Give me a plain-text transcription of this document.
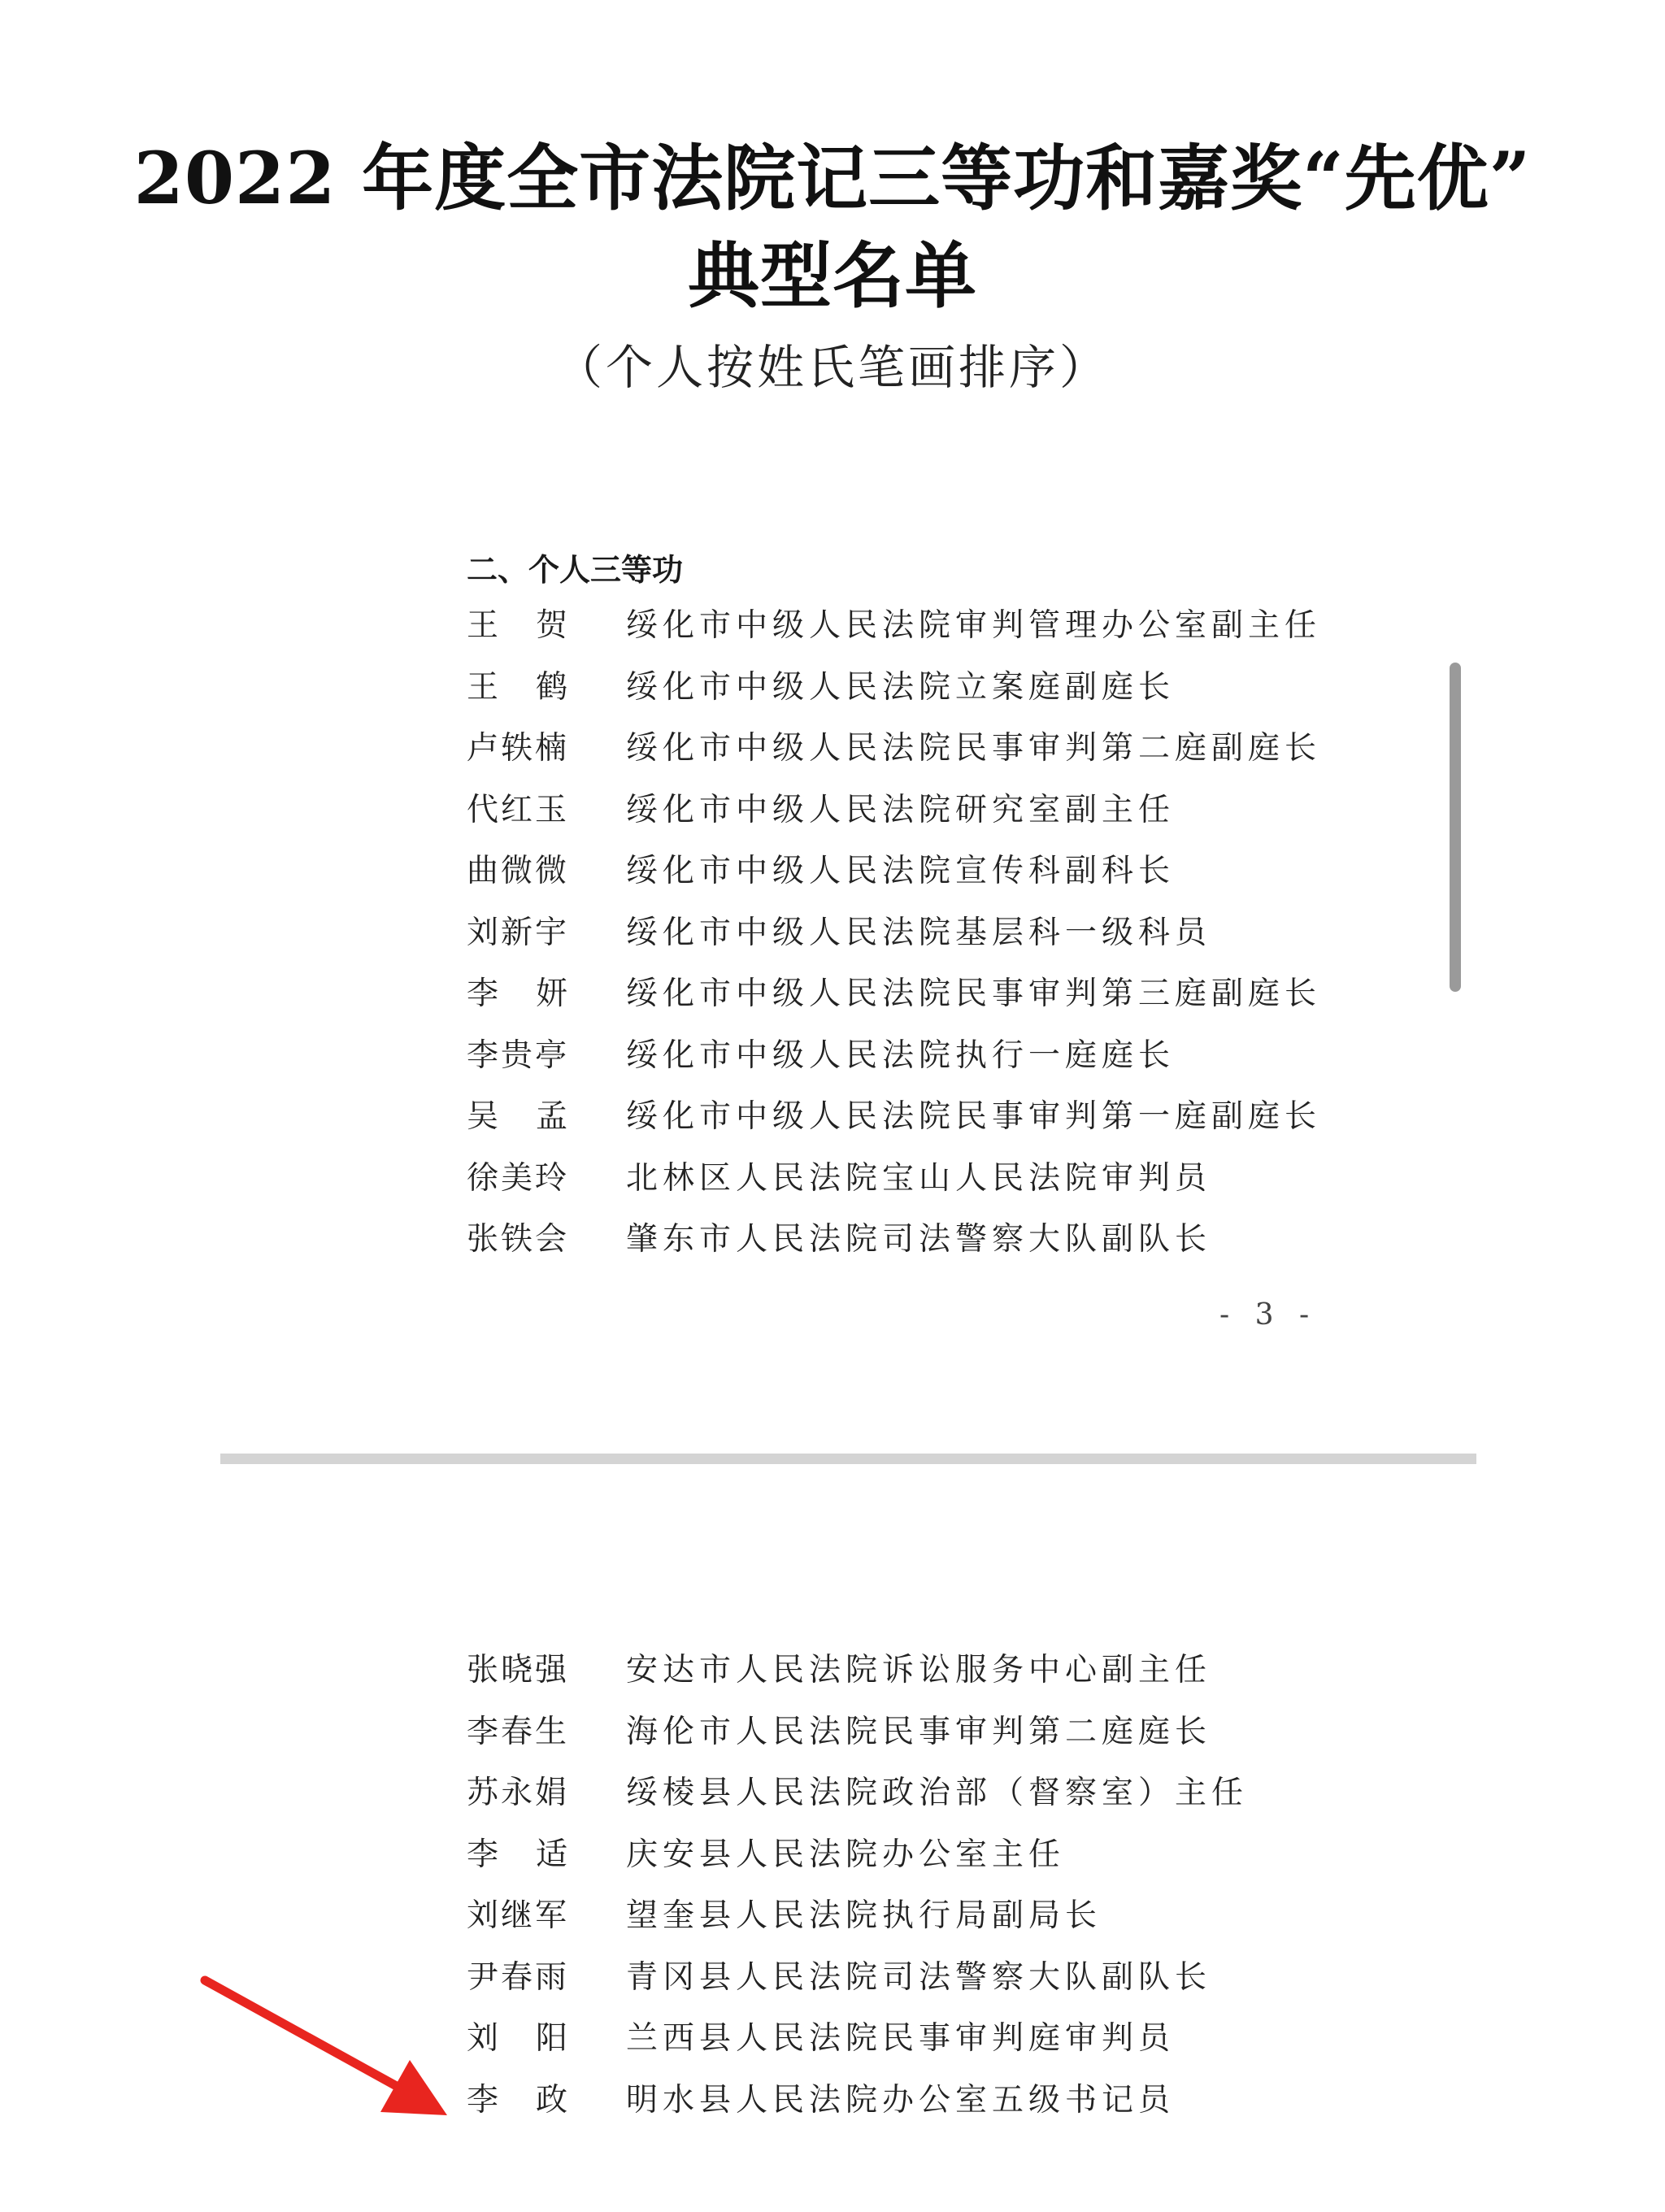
2022 年度全市法院记三等功和嘉奖“先优”
典型名单
（个人按姓氏笔画排序）
二、个人三等功
王贺 绥化市中级人民法院审判管理办公室副主任
王鹤 绥化市中级人民法院立案庭副庭长
卢轶楠	绥化市中级人民法院民事审判第二庭副庭长
代红玉	绥化市中级人民法院研究室副主任
曲微微	绥化市中级人民法院宣传科副科长
刘新宇	绥化市中级人民法院基层科一级科员
李妍 绥化市中级人民法院民事审判第三庭副庭长
李贵亭	绥化市中级人民法院执行一庭庭长
吴孟 绥化市中级人民法院民事审判第一庭副庭长
徐美玲	北林区人民法院宝山人民法院审判员
张铁会	肇东市人民法院司法警察大队副队长
- 3 -
张晓强	安达市人民法院诉讼服务中心副主任
李春生	海伦市人民法院民事审判第二庭庭长
苏永娟	绥棱县人民法院政治部（督察室）主任
李适 庆安县人民法院办公室主任
刘继军	望奎县人民法院执行局副局长
尹春雨	青冈县人民法院司法警察大队副队长
刘阳 兰西县人民法院民事审判庭审判员
李政 明水县人民法院办公室五级书记员
